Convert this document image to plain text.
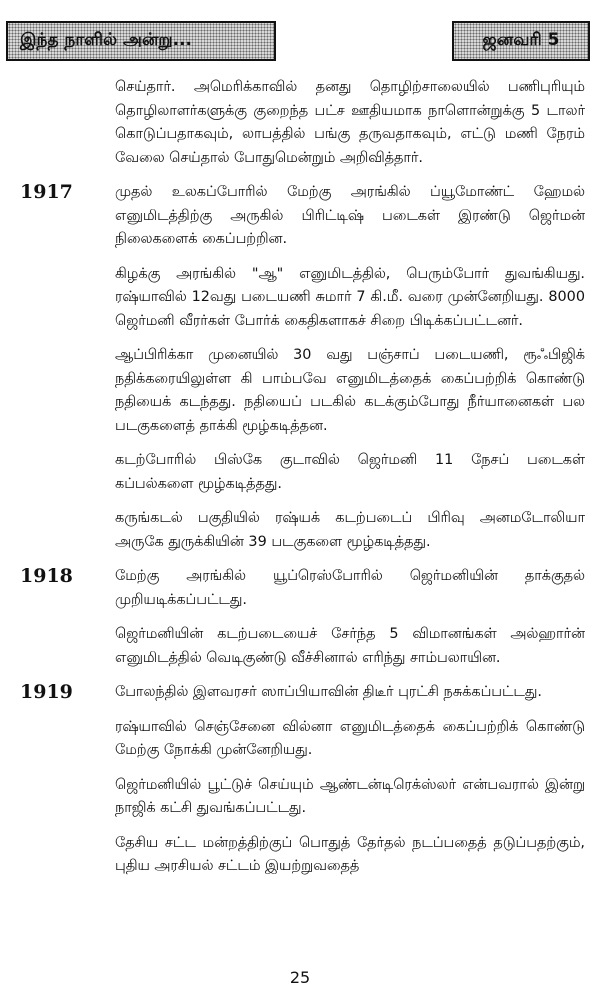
இந்த நாளில் அன்று...	ஜனவரி 5

செய்தார். அமெரிக்காவில் தனது தொழிற்சாலையில் பணிபுரியும் தொழிலாளர்களுக்கு குறைந்த பட்ச ஊதியமாக நாளொன்றுக்கு 5 டாலர் கொடுப்பதாகவும், லாபத்தில் பங்கு தருவதாகவும், எட்டு மணி நேரம் வேலை செய்தால் போதுமென்றும் அறிவித்தார்.

1917	முதல் உலகப்போரில் மேற்கு அரங்கில் ப்யூமோண்ட் ஹேமல் எனுமிடத்திற்கு அருகில் பிரிட்டிஷ் படைகள் இரண்டு ஜெர்மன் நிலைகளைக் கைப்பற்றின.

கிழக்கு அரங்கில் "ஆ" எனுமிடத்தில், பெரும்போர் துவங்கியது. ரஷ்யாவில் 12வது படையணி சுமார் 7 கி.மீ. வரை முன்னேறியது. 8000 ஜெர்மனி வீரர்கள் போர்க் கைதிகளாகச் சிறை பிடிக்கப்பட்டனர்.

ஆப்பிரிக்கா முனையில் 30 வது பஞ்சாப் படையணி, ரூஃபிஜிக் நதிக்கரையிலுள்ள கி பாம்பவே எனுமிடத்தைக் கைப்பற்றிக் கொண்டு நதியைக் கடந்தது. நதியைப் படகில் கடக்கும்போது நீர்யானைகள் பல படகுகளைத் தாக்கி மூழ்கடித்தன.

கடற்போரில் பிஸ்கே குடாவில் ஜெர்மனி 11 நேசப் படைகள் கப்பல்களை மூழ்கடித்தது.

கருங்கடல் பகுதியில் ரஷ்யக் கடற்படைப் பிரிவு அனமடோலியா அருகே துருக்கியின் 39 படகுகளை மூழ்கடித்தது.

1918	மேற்கு அரங்கில் யூப்ரெஸ்போரில் ஜெர்மனியின் தாக்குதல் முறியடிக்கப்பட்டது.

ஜெர்மனியின் கடற்படையைச் சேர்ந்த 5 விமானங்கள் அல்ஹார்ன் எனுமிடத்தில் வெடிகுண்டு வீச்சினால் எரிந்து சாம்பலாயின.

1919	போலந்தில் இளவரசர் ஸாப்பியாவின் திடீர் புரட்சி நசுக்கப்பட்டது.

ரஷ்யாவில் செஞ்சேனை வில்னா எனுமிடத்தைக் கைப்பற்றிக் கொண்டு மேற்கு நோக்கி முன்னேறியது.

ஜெர்மனியில் பூட்டுச் செய்யும் ஆண்டன்டிரெக்ஸ்லர் என்பவரால் இன்று நாஜிக் கட்சி துவங்கப்பட்டது.

தேசிய சட்ட மன்றத்திற்குப் பொதுத் தேர்தல் நடப்பதைத் தடுப்பதற்கும், புதிய அரசியல் சட்டம் இயற்றுவதைத்

25
